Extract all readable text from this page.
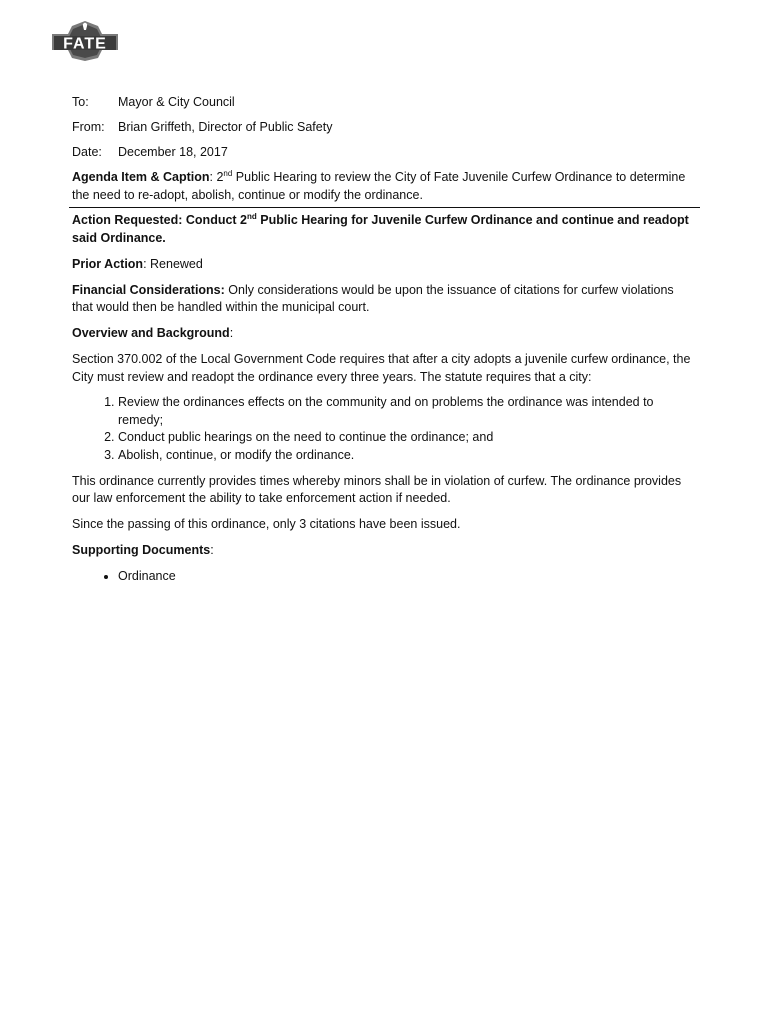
FATE
To:	Mayor & City Council
From:	Brian Griffeth, Director of Public Safety
Date:	December 18, 2017

Agenda Item & Caption: 2nd Public Hearing to review the City of Fate Juvenile Curfew Ordinance to determine the need to re-adopt, abolish, continue or modify the ordinance.

Action Requested: Conduct 2nd Public Hearing for Juvenile Curfew Ordinance and continue and readopt said Ordinance.

Prior Action: Renewed

Financial Considerations: Only considerations would be upon the issuance of citations for curfew violations that would then be handled within the municipal court.

Overview and Background:

Section 370.002 of the Local Government Code requires that after a city adopts a juvenile curfew ordinance, the City must review and readopt the ordinance every three years. The statute requires that a city:

1. Review the ordinances effects on the community and on problems the ordinance was intended to remedy;
2. Conduct public hearings on the need to continue the ordinance; and
3. Abolish, continue, or modify the ordinance.

This ordinance currently provides times whereby minors shall be in violation of curfew. The ordinance provides our law enforcement the ability to take enforcement action if needed.

Since the passing of this ordinance, only 3 citations have been issued.

Supporting Documents:

• Ordinance
